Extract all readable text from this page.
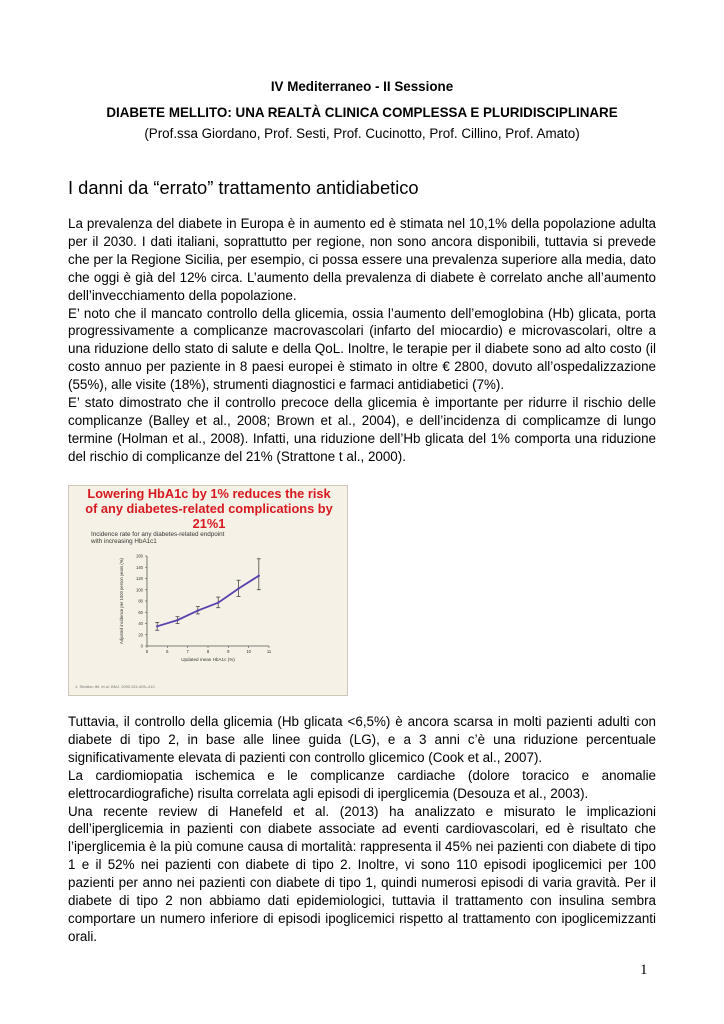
IV Mediterraneo - II Sessione
DIABETE MELLITO: UNA REALTÀ CLINICA COMPLESSA E PLURIDISCIPLINARE
(Prof.ssa Giordano, Prof. Sesti, Prof. Cucinotto, Prof. Cillino, Prof. Amato)
I danni da “errato” trattamento antidiabetico

La prevalenza del diabete in Europa è in aumento ed è stimata nel 10,1% della popolazione adulta per il 2030. I dati italiani, soprattutto per regione, non sono ancora disponibili, tuttavia si prevede che per la Regione Sicilia, per esempio, ci possa essere una prevalenza superiore alla media, dato che oggi è già del 12% circa. L’aumento della prevalenza di diabete è correlato anche all’aumento dell’invecchiamento della popolazione.

E’ noto che il mancato controllo della glicemia, ossia l’aumento dell’emoglobina (Hb) glicata, porta progressivamente a complicanze macrovascolari (infarto del miocardio) e microvascolari, oltre a una riduzione dello stato di salute e della QoL. Inoltre, le terapie per il diabete sono ad alto costo (il costo annuo per paziente in 8 paesi europei è stimato in oltre € 2800, dovuto all’ospedalizzazione (55%), alle visite (18%), strumenti diagnostici e farmaci antidiabetici (7%).

E’ stato dimostrato che il controllo precoce della glicemia è importante per ridurre il rischio delle complicanze (Balley et al., 2008; Brown et al., 2004), e dell’incidenza di complicamze di lungo termine (Holman et al., 2008). Infatti, una riduzione dell’Hb glicata del 1% comporta una riduzione del rischio di complicanze del 21% (Strattone t al., 2000).

Lowering HbA1c by 1% reduces the risk
of any diabetes-related complications by
21%1
Incidence rate for any diabetes-related endpoint
with increasing HbA1c1
0
20
40
60
80
100
120
140
160
5	6	7	8	9	10	11
Updated mean HbA1c (%)
Adjusted incidence per 1000 person years (%)
1. Stratton IM, et al. BMJ. 2000;321:405–412.

Tuttavia, il controllo della glicemia (Hb glicata <6,5%) è ancora scarsa in molti pazienti adulti con diabete di tipo 2, in base alle linee guida (LG), e a 3 anni c’è una riduzione percentuale significativamente elevata di pazienti con controllo glicemico (Cook et al., 2007).

La cardiomiopatia ischemica e le complicanze cardiache (dolore toracico e anomalie elettrocardiografiche) risulta correlata agli episodi di iperglicemia (Desouza et al., 2003).

Una recente review di Hanefeld et al. (2013) ha analizzato e misurato le implicazioni dell’iperglicemia in pazienti con diabete associate ad eventi cardiovascolari, ed è risultato che l’iperglicemia è la più comune causa di mortalità: rappresenta il 45% nei pazienti con diabete di tipo 1 e il 52% nei pazienti con diabete di tipo 2. Inoltre, vi sono 110 episodi ipoglicemici per 100 pazienti per anno nei pazienti con diabete di tipo 1, quindi numerosi episodi di varia gravità. Per il diabete di tipo 2 non abbiamo dati epidemiologici, tuttavia il trattamento con insulina sembra comportare un numero inferiore di episodi ipoglicemici rispetto al trattamento con ipoglicemizzanti orali.

1
